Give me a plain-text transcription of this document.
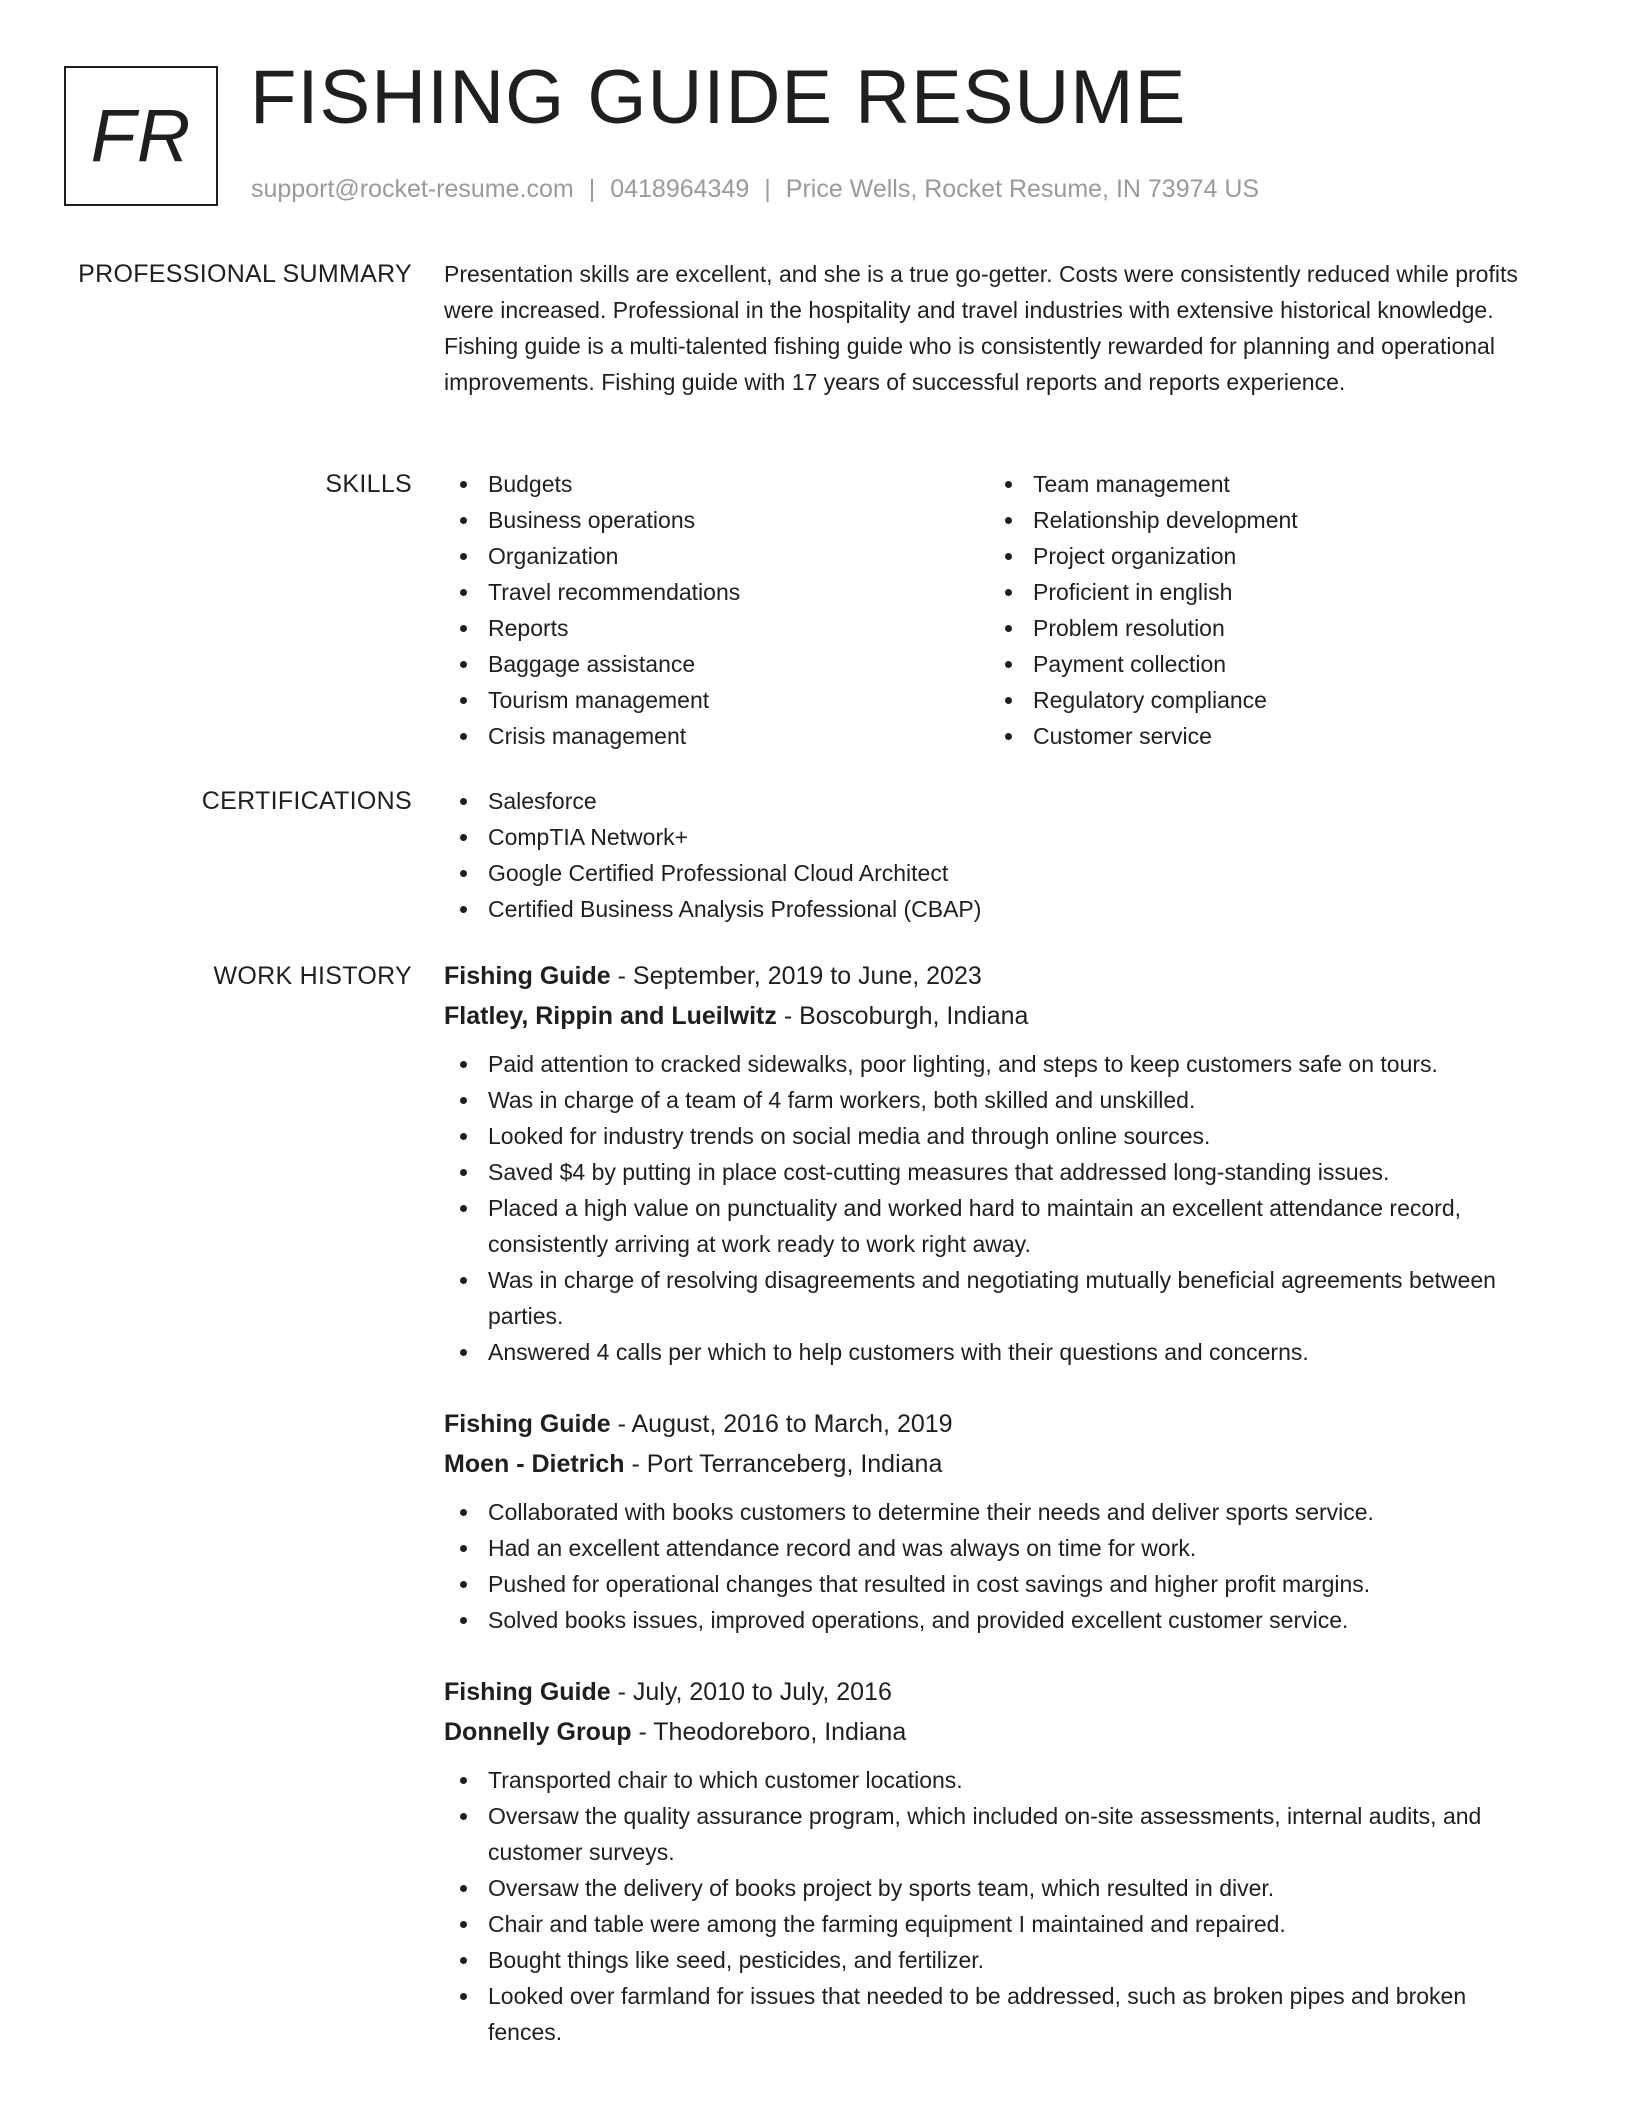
FR FISHING GUIDE RESUME
support@rocket-resume.com | 0418964349 | Price Wells, Rocket Resume, IN 73974 US
PROFESSIONAL SUMMARY Presentation skills are excellent, and she is a true go-getter. Costs were consistently reduced while profits were increased. Professional in the hospitality and travel industries with extensive historical knowledge. Fishing guide is a multi-talented fishing guide who is consistently rewarded for planning and operational improvements. Fishing guide with 17 years of successful reports and reports experience.

SKILLS	Budgets
Business operations
Organization
Travel recommendations
Reports
Baggage assistance
Tourism management
Crisis management
Team management
Relationship development
Project organization
Proficient in english
Problem resolution
Payment collection
Regulatory compliance
Customer service
CERTIFICATIONS	Salesforce
CompTIA Network+
Google Certified Professional Cloud Architect
Certified Business Analysis Professional (CBAP)
WORK HISTORY Fishing Guide - September, 2019 to June, 2023
Flatley, Rippin and Lueilwitz - Boscoburgh, Indiana
Paid attention to cracked sidewalks, poor lighting, and steps to keep customers safe on tours.
Was in charge of a team of 4 farm workers, both skilled and unskilled.
Looked for industry trends on social media and through online sources.
Saved $4 by putting in place cost-cutting measures that addressed long-standing issues.
Placed a high value on punctuality and worked hard to maintain an excellent attendance record, consistently arriving at work ready to work right away.
Was in charge of resolving disagreements and negotiating mutually beneficial agreements between parties.
Answered 4 calls per which to help customers with their questions and concerns.
Fishing Guide - August, 2016 to March, 2019
Moen - Dietrich - Port Terranceberg, Indiana
Collaborated with books customers to determine their needs and deliver sports service.
Had an excellent attendance record and was always on time for work.
Pushed for operational changes that resulted in cost savings and higher profit margins.
Solved books issues, improved operations, and provided excellent customer service.
Fishing Guide - July, 2010 to July, 2016
Donnelly Group - Theodoreboro, Indiana
Transported chair to which customer locations.
Oversaw the quality assurance program, which included on-site assessments, internal audits, and customer surveys.
Oversaw the delivery of books project by sports team, which resulted in diver.
Chair and table were among the farming equipment I maintained and repaired.
Bought things like seed, pesticides, and fertilizer.
Looked over farmland for issues that needed to be addressed, such as broken pipes and broken fences.
